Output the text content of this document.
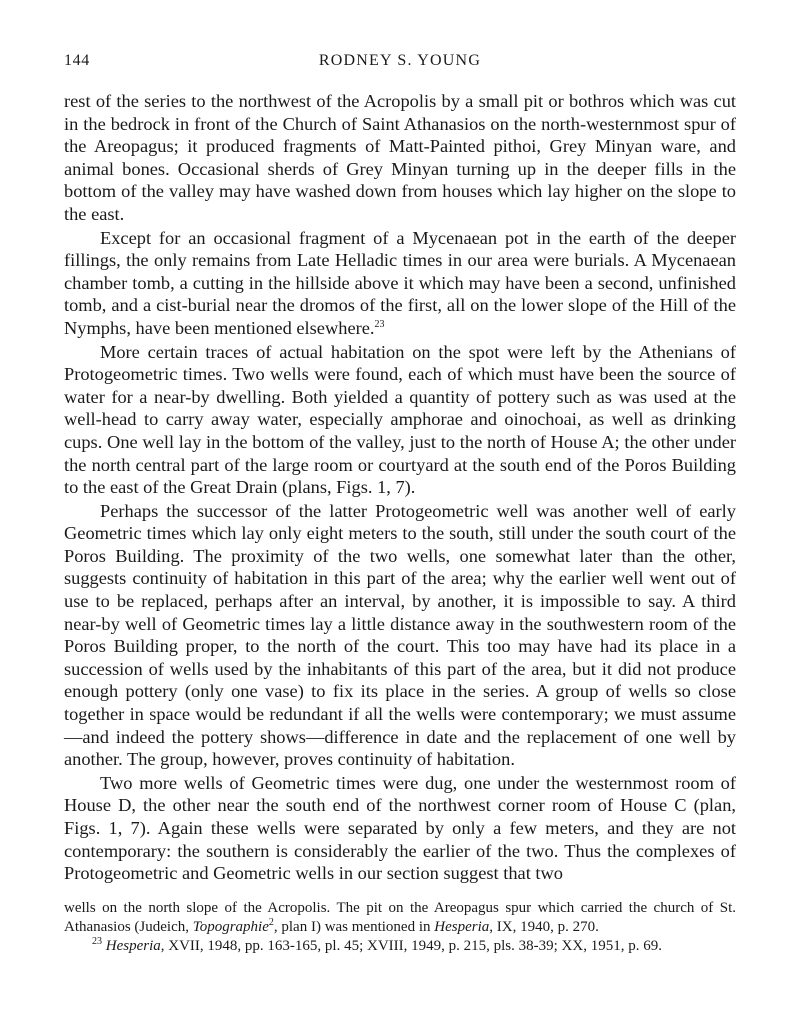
144	RODNEY S. YOUNG

rest of the series to the northwest of the Acropolis by a small pit or bothros which was cut in the bedrock in front of the Church of Saint Athanasios on the north-westernmost spur of the Areopagus; it produced fragments of Matt-Painted pithoi, Grey Minyan ware, and animal bones. Occasional sherds of Grey Minyan turning up in the deeper fills in the bottom of the valley may have washed down from houses which lay higher on the slope to the east.

Except for an occasional fragment of a Mycenaean pot in the earth of the deeper fillings, the only remains from Late Helladic times in our area were burials. A Mycenaean chamber tomb, a cutting in the hillside above it which may have been a second, unfinished tomb, and a cist-burial near the dromos of the first, all on the lower slope of the Hill of the Nymphs, have been mentioned elsewhere.$^{23}$

More certain traces of actual habitation on the spot were left by the Athenians of Protogeometric times. Two wells were found, each of which must have been the source of water for a near-by dwelling. Both yielded a quantity of pottery such as was used at the well-head to carry away water, especially amphorae and oinochoai, as well as drinking cups. One well lay in the bottom of the valley, just to the north of House A; the other under the north central part of the large room or courtyard at the south end of the Poros Building to the east of the Great Drain (plans, Figs. 1, 7).

Perhaps the successor of the latter Protogeometric well was another well of early Geometric times which lay only eight meters to the south, still under the south court of the Poros Building. The proximity of the two wells, one somewhat later than the other, suggests continuity of habitation in this part of the area; why the earlier well went out of use to be replaced, perhaps after an interval, by another, it is impossible to say. A third near-by well of Geometric times lay a little distance away in the southwestern room of the Poros Building proper, to the north of the court. This too may have had its place in a succession of wells used by the inhabitants of this part of the area, but it did not produce enough pottery (only one vase) to fix its place in the series. A group of wells so close together in space would be redundant if all the wells were contemporary; we must assume—and indeed the pottery shows—difference in date and the replacement of one well by another. The group, however, proves continuity of habitation.

Two more wells of Geometric times were dug, one under the westernmost room of House D, the other near the south end of the northwest corner room of House C (plan, Figs. 1, 7). Again these wells were separated by only a few meters, and they are not contemporary: the southern is considerably the earlier of the two. Thus the complexes of Protogeometric and Geometric wells in our section suggest that two

wells on the north slope of the Acropolis. The pit on the Areopagus spur which carried the church of St. Athanasios (Judeich, Topographie$^2$, plan I) was mentioned in Hesperia, IX, 1940, p. 270.

$^{23}$ Hesperia, XVII, 1948, pp. 163-165, pl. 45; XVIII, 1949, p. 215, pls. 38-39; XX, 1951, p. 69.
